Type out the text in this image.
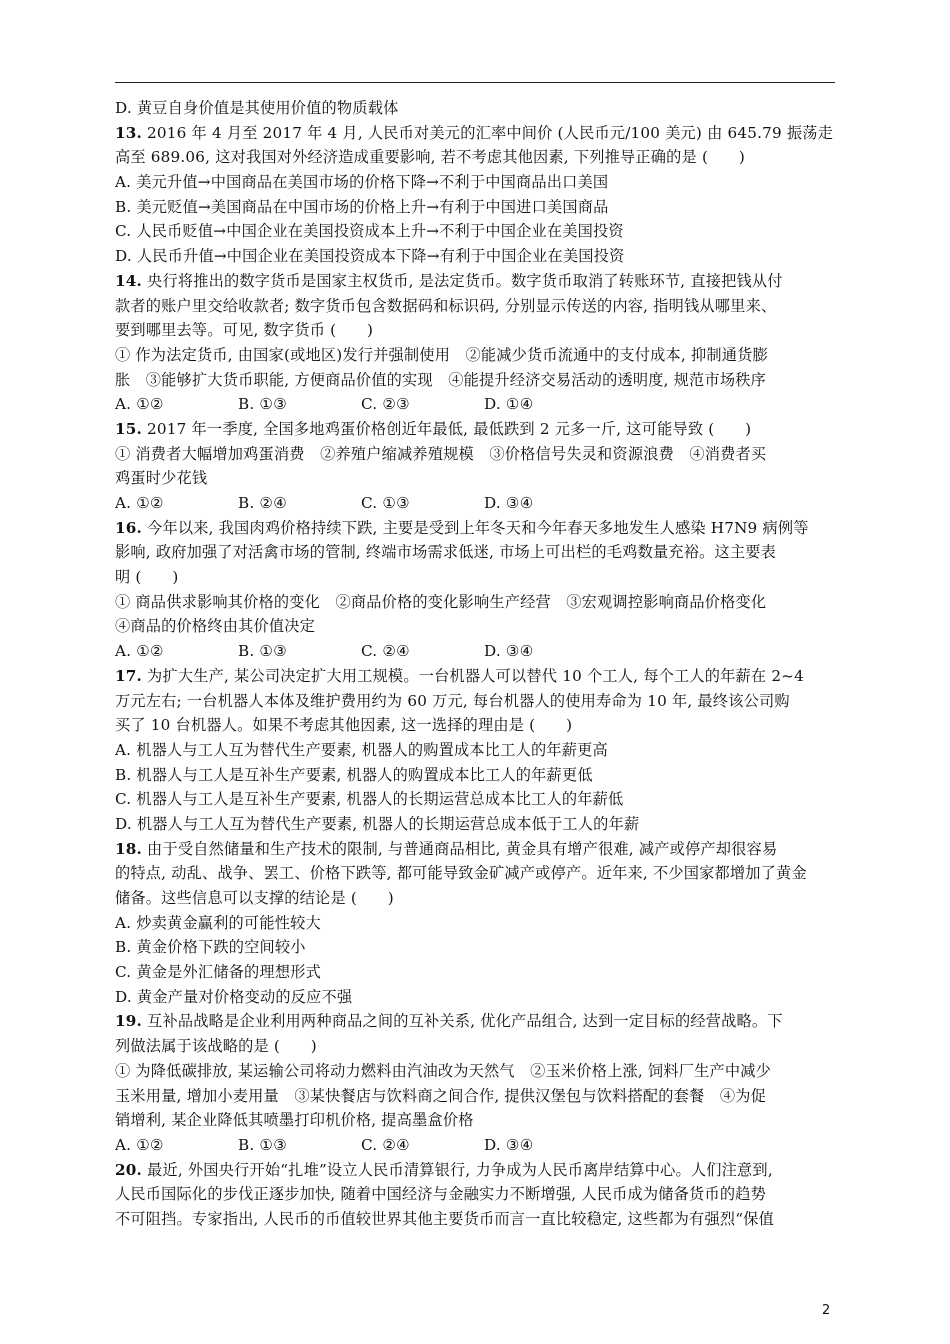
D. 黄豆自身价值是其使用价值的物质载体
13. 2016 年 4 月至 2017 年 4 月, 人民币对美元的汇率中间价 (人民币元/100 美元) 由 645.79 振荡走
高至 689.06, 这对我国对外经济造成重要影响, 若不考虑其他因素, 下列推导正确的是 (　　)
A. 美元升值→中国商品在美国市场的价格下降→不利于中国商品出口美国
B. 美元贬值→美国商品在中国市场的价格上升→有利于中国进口美国商品
C. 人民币贬值→中国企业在美国投资成本上升→不利于中国企业在美国投资
D. 人民币升值→中国企业在美国投资成本下降→有利于中国企业在美国投资
14. 央行将推出的数字货币是国家主权货币, 是法定货币。数字货币取消了转账环节, 直接把钱从付
款者的账户里交给收款者; 数字货币包含数据码和标识码, 分别显示传送的内容, 指明钱从哪里来、
要到哪里去等。可见, 数字货币 (　　)
① 作为法定货币, 由国家(或地区)发行并强制使用　②能减少货币流通中的支付成本, 抑制通货膨
胀　③能够扩大货币职能, 方便商品价值的实现　④能提升经济交易活动的透明度, 规范市场秩序
A. ①②	B. ①③	C. ②③	D. ①④
15. 2017 年一季度, 全国多地鸡蛋价格创近年最低, 最低跌到 2 元多一斤, 这可能导致 (　　)
① 消费者大幅增加鸡蛋消费　②养殖户缩减养殖规模　③价格信号失灵和资源浪费　④消费者买
鸡蛋时少花钱
A. ①②	B. ②④	C. ①③	D. ③④
16. 今年以来, 我国肉鸡价格持续下跌, 主要是受到上年冬天和今年春天多地发生人感染 H7N9 病例等
影响, 政府加强了对活禽市场的管制, 终端市场需求低迷, 市场上可出栏的毛鸡数量充裕。这主要表
明 (　　)
① 商品供求影响其价格的变化　②商品价格的变化影响生产经营　③宏观调控影响商品价格变化
④商品的价格终由其价值决定
A. ①②	B. ①③	C. ②④	D. ③④
17. 为扩大生产, 某公司决定扩大用工规模。一台机器人可以替代 10 个工人, 每个工人的年薪在 2~4
万元左右; 一台机器人本体及维护费用约为 60 万元, 每台机器人的使用寿命为 10 年, 最终该公司购
买了 10 台机器人。如果不考虑其他因素, 这一选择的理由是 (　　)
A. 机器人与工人互为替代生产要素, 机器人的购置成本比工人的年薪更高
B. 机器人与工人是互补生产要素, 机器人的购置成本比工人的年薪更低
C. 机器人与工人是互补生产要素, 机器人的长期运营总成本比工人的年薪低
D. 机器人与工人互为替代生产要素, 机器人的长期运营总成本低于工人的年薪
18. 由于受自然储量和生产技术的限制, 与普通商品相比, 黄金具有增产很难, 减产或停产却很容易
的特点, 动乱、战争、罢工、价格下跌等, 都可能导致金矿减产或停产。近年来, 不少国家都增加了黄金
储备。这些信息可以支撑的结论是 (　　)
A. 炒卖黄金赢利的可能性较大
B. 黄金价格下跌的空间较小
C. 黄金是外汇储备的理想形式
D. 黄金产量对价格变动的反应不强
19. 互补品战略是企业利用两种商品之间的互补关系, 优化产品组合, 达到一定目标的经营战略。下
列做法属于该战略的是 (　　)
① 为降低碳排放, 某运输公司将动力燃料由汽油改为天然气　②玉米价格上涨, 饲料厂生产中减少
玉米用量, 增加小麦用量　③某快餐店与饮料商之间合作, 提供汉堡包与饮料搭配的套餐　④为促
销增利, 某企业降低其喷墨打印机价格, 提高墨盒价格
A. ①②	B. ①③	C. ②④	D. ③④
20. 最近, 外国央行开始“扎堆”设立人民币清算银行, 力争成为人民币离岸结算中心。人们注意到,
人民币国际化的步伐正逐步加快, 随着中国经济与金融实力不断增强, 人民币成为储备货币的趋势
不可阻挡。专家指出, 人民币的币值较世界其他主要货币而言一直比较稳定, 这些都为有强烈“保值
2
